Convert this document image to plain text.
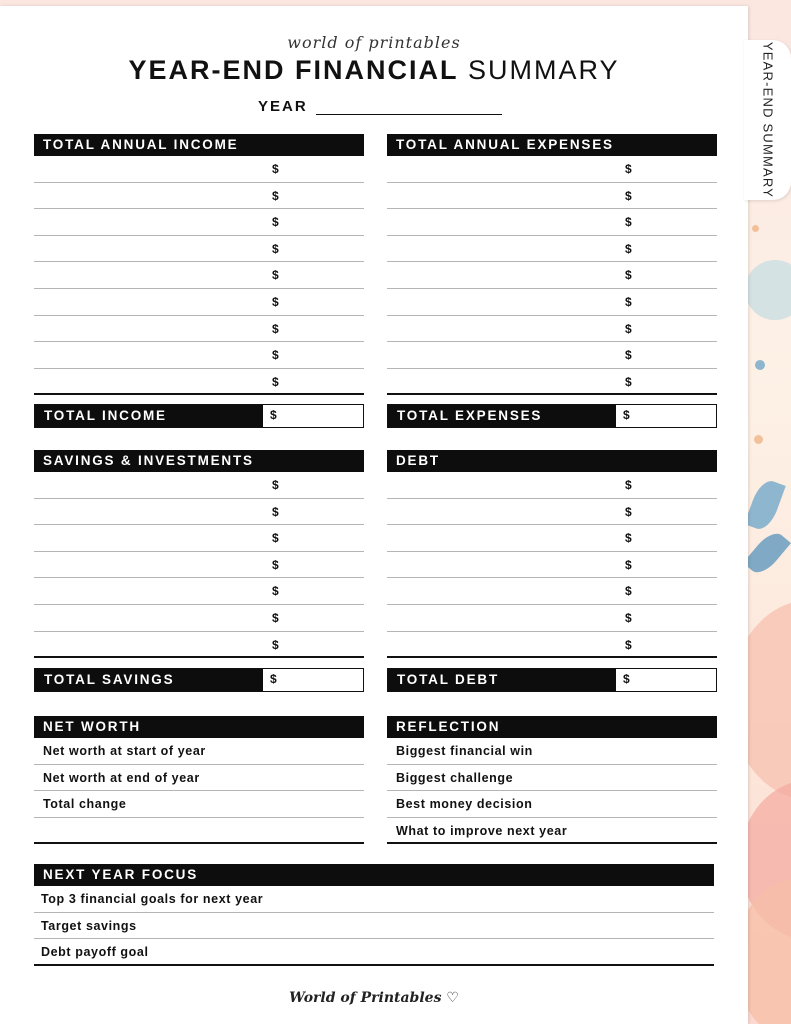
YEAR-END SUMMARY
world of printables
YEAR-END FINANCIAL SUMMARY
YEAR
TOTAL ANNUAL INCOME
$
$
$
$
$
$
$
$
$
TOTAL INCOME	$
TOTAL ANNUAL EXPENSES
$
$
$
$
$
$
$
$
$
TOTAL EXPENSES	$
SAVINGS & INVESTMENTS
$
$
$
$
$
$
$
TOTAL SAVINGS	$
DEBT
$
$
$
$
$
$
$
TOTAL DEBT	$
NET WORTH
Net worth at start of year
Net worth at end of year
Total change
REFLECTION
Biggest financial win
Biggest challenge
Best money decision
What to improve next year
NEXT YEAR FOCUS
Top 3 financial goals for next year
Target savings
Debt payoff goal
World of Printables ♡
